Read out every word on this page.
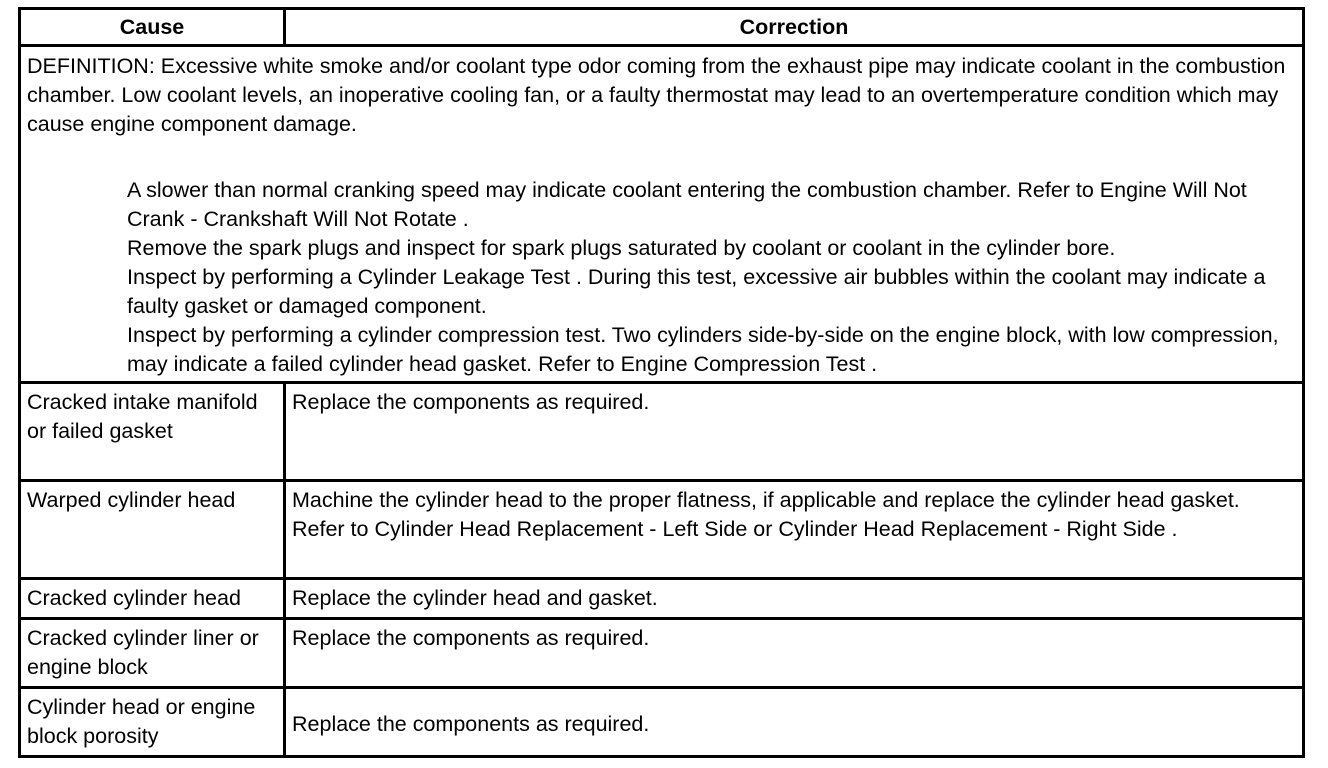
Cause	Correction

DEFINITION: Excessive white smoke and/or coolant type odor coming from the exhaust pipe may indicate coolant in the combustion chamber. Low coolant levels, an inoperative cooling fan, or a faulty thermostat may lead to an overtemperature condition which may cause engine component damage.
A slower than normal cranking speed may indicate coolant entering the combustion chamber. Refer to Engine Will Not Crank - Crankshaft Will Not Rotate .
Remove the spark plugs and inspect for spark plugs saturated by coolant or coolant in the cylinder bore.
Inspect by performing a Cylinder Leakage Test . During this test, excessive air bubbles within the coolant may indicate a faulty gasket or damaged component.
Inspect by performing a cylinder compression test. Two cylinders side-by-side on the engine block, with low compression, may indicate a failed cylinder head gasket. Refer to Engine Compression Test .	

Cracked intake manifold or failed gasket	Replace the components as required.
Warped cylinder head	Machine the cylinder head to the proper flatness, if applicable and replace the cylinder head gasket. Refer to Cylinder Head Replacement - Left Side or Cylinder Head Replacement - Right Side .
Cracked cylinder head	Replace the cylinder head and gasket.
Cracked cylinder liner or engine block	Replace the components as required.
Cylinder head or engine block porosity	Replace the components as required.
